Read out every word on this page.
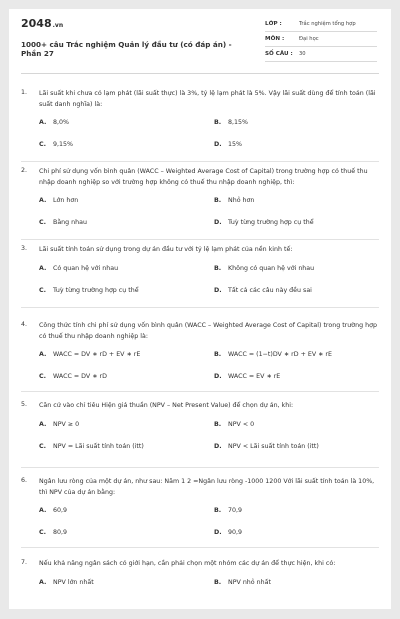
2048.vn
1000+ câu Trắc nghiệm Quản lý đầu tư (có đáp án) - Phần 27
LỚP :	Trắc nghiệm tổng hợp
MÔN :	Đại học
SỐ CÂU :	30
1.	Lãi suất khi chưa có lạm phát (lãi suất thực) là 3%, tỷ lệ lạm phát là 5%. Vậy lãi suất dùng để tính toán (lãi suất danh nghĩa) là:
A. 8,0%	B. 8,15%
C. 9,15%	D. 15%
2.	Chi phí sử dụng vốn bình quân (WACC – Weighted Average Cost of Capital) trong trường hợp có thuế thu nhập doanh nghiệp so với trường hợp không có thuế thu nhập doanh nghiệp, thì:
A. Lớn hơn	B. Nhỏ hơn
C. Bằng nhau	D. Tuỳ từng trường hợp cụ thể
3.	Lãi suất tính toán sử dụng trong dự án đầu tư với tỷ lệ lạm phát của nền kinh tế:
A. Có quan hệ với nhau	B. Không có quan hệ với nhau
C. Tuỳ từng trường hợp cụ thể	D. Tất cả các câu này đều sai
4.	Công thức tính chi phí sử dụng vốn bình quân (WACC – Weighted Average Cost of Capital) trong trường hợp có thuế thu nhập doanh nghiệp là:
A. WACC = DV ∗ rD + EV ∗ rE	B. WACC = (1−t)DV ∗ rD + EV ∗ rE
C. WACC = DV ∗ rD	D. WACC = EV ∗ rE
5.	Căn cứ vào chỉ tiêu Hiện giá thuần (NPV – Net Present Value) để chọn dự án, khi:
A. NPV ≥ 0	B. NPV < 0
C. NPV = Lãi suất tính toán (itt)	D. NPV < Lãi suất tính toán (itt)
6.	Ngân lưu ròng của một dự án, như sau: Năm 1 2 =Ngân lưu ròng -1000 1200 Với lãi suất tính toán là 10%, thì NPV của dự án bằng:
A. 60,9	B. 70,9
C. 80,9	D. 90,9
7.	Nếu khả năng ngân sách có giới hạn, cần phải chọn một nhóm các dự án để thực hiện, khi có:
A. NPV lớn nhất	B. NPV nhỏ nhất
